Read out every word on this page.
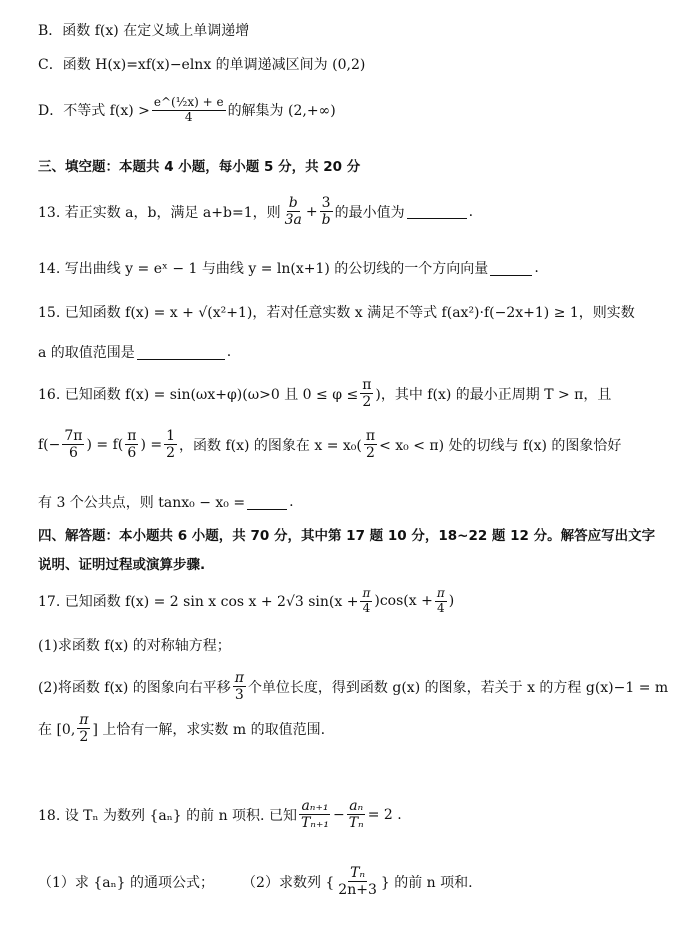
B．函数 f(x) 在定义域上单调递增
C．函数 H(x)=xf(x)−elnx 的单调递减区间为 (0,2)
D．不等式 $f(x) > \frac{\text{e\textasciicircum{}(½x) + e}}{4}$ 的解集为 (2,+∞)
三、填空题：本题共 4 小题，每小题 5 分，共 20 分
13. 若正实数 a，b，满足 a+b=1，则 $\frac{b}{3a} + \frac{3}{b}$ 的最小值为	.
14. 写出曲线 y = eˣ − 1 与曲线 y = ln(x+1) 的公切线的一个方向向量	.
15. 已知函数 f(x) = x + √(x²+1)，若对任意实数 x 满足不等式 f(ax²)·f(−2x+1) ≥ 1，则实数
a 的取值范围是	.
16. 已知函数 f(x) = sin(ωx+φ)(ω>0 且 $0 \le \varphi \le \frac{\pi}{2}$ )，其中 f(x) 的最小正周期 T > π，且
$f(- \frac{7\pi}{6}$ ) = $f( \frac{\pi}{6}$ ) = $\frac{1}{2}$ ，函数 f(x) 的图象在 $x = x_0( \frac{\pi}{2} < x_0 < \pi)$ 处的切线与 f(x) 的图象恰好
有 3 个公共点，则 tanx₀ − x₀ =	.
四、解答题：本小题共 6 小题，共 70 分，其中第 17 题 10 分，18~22 题 12 分。解答应写出文字
说明、证明过程或演算步骤.
17. 已知函数 f(x) = 2 sin x cos x + 2√3 $\sin(x + \frac{\pi}{4} )\cos(x + \frac{\pi}{4}$ )
(1)求函数 f(x) 的对称轴方程；
(2)将函数 f(x) 的图象向右平移 $\frac{\pi}{3}$ 个单位长度，得到函数 g(x) 的图象，若关于 x 的方程 g(x)−1 = m
在 [0, $\frac{\pi}{2}$ ] 上恰有一解，求实数 m 的取值范围.
18. 设 Tₙ 为数列 {aₙ} 的前 n 项积. 已知 $\frac{\text{aₙ₊₁}}{\text{Tₙ₊₁}} - \frac{\text{aₙ}}{\text{Tₙ}} = 2$ .
（1）求 {aₙ} 的通项公式； （2）求数列 { $\frac{\text{Tₙ}}{2n+3}$ } 的前 n 项和.
